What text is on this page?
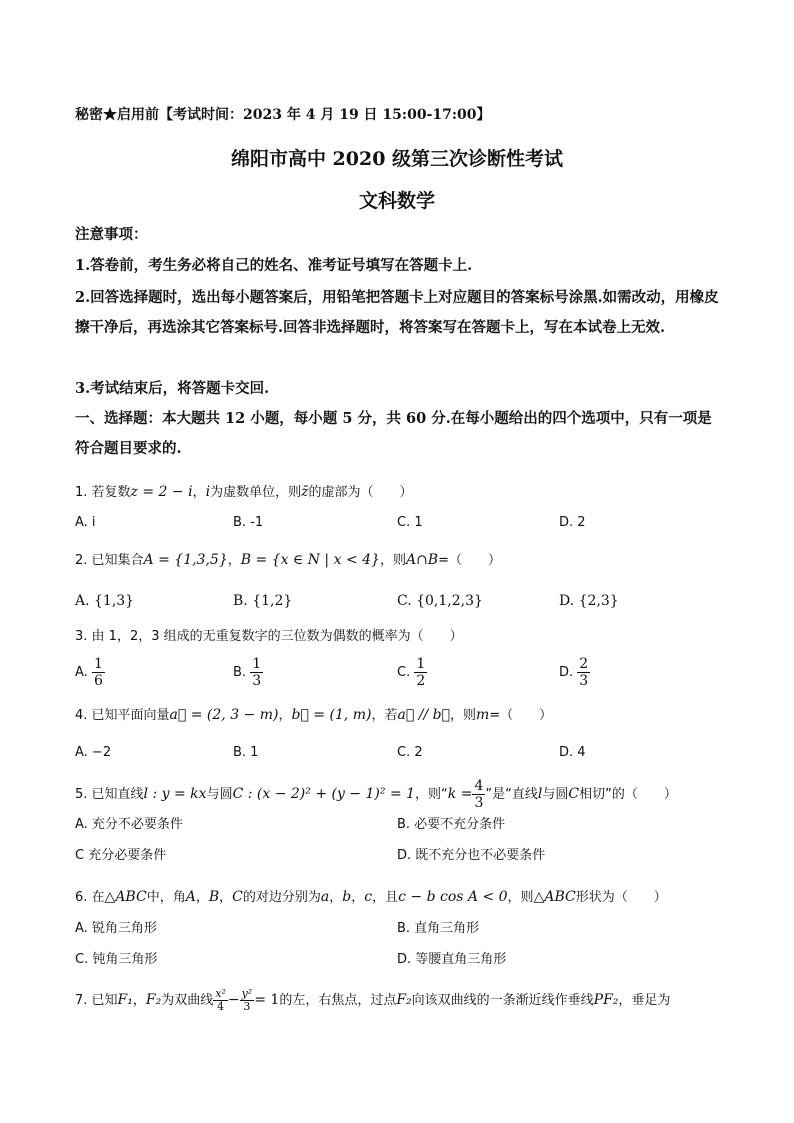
秘密★启用前【考试时间：2023 年 4 月 19 日 15:00-17:00】
绵阳市高中 2020 级第三次诊断性考试
文科数学
注意事项：
1.答卷前，考生务必将自己的姓名、准考证号填写在答题卡上.
2.回答选择题时，选出每小题答案后，用铅笔把答题卡上对应题目的答案标号涂黑.如需改动，用橡皮擦干净后，再选涂其它答案标号.回答非选择题时，将答案写在答题卡上，写在本试卷上无效.
3.考试结束后，将答题卡交回.
一、选择题：本大题共 12 小题，每小题 5 分，共 60 分.在每小题给出的四个选项中，只有一项是符合题目要求的.
1. 若复数z = 2 − i，i为虚数单位，则z̄的虚部为（　　）
A. i	B. -1	C. 1	D. 2
2. 已知集合A = {1,3,5}，B = {x ∈ N | x < 4}，则A∩B=（　　）
A. {1,3}	B. {1,2}	C. {0,1,2,3}	D. {2,3}
3. 由 1，2，3 组成的无重复数字的三位数为偶数的概率为（　　）
A. $\frac{1}{6}$	B. $\frac{1}{3}$	C. $\frac{1}{2}$	D. $\frac{2}{3}$
4. 已知平面向量a⃗ = (2, 3 − m)，b⃗ = (1, m)，若a⃗ // b⃗，则m=（　　）
A. −2	B. 1	C. 2	D. 4
5. 已知直线l : y = kx与圆C : (x − 2)² + (y − 1)² = 1，则“$k = \frac{4}{3}$ ”是“直线l与圆C相切”的（　　）
A. 充分不必要条件	B. 必要不充分条件
C 充分必要条件	D. 既不充分也不必要条件
6. 在△ABC中，角A，B，C的对边分别为a，b，c，且c − b cos A < 0，则△ABC形状为（　　）
A. 锐角三角形	B. 直角三角形
C. 钝角三角形	D. 等腰直角三角形
7. 已知F₁，F₂为双曲线 $\frac{\text{x²}}{4} - \frac{\text{y²}}{3} = 1$的左，右焦点，过点F₂向该双曲线的一条渐近线作垂线PF₂，垂足为
